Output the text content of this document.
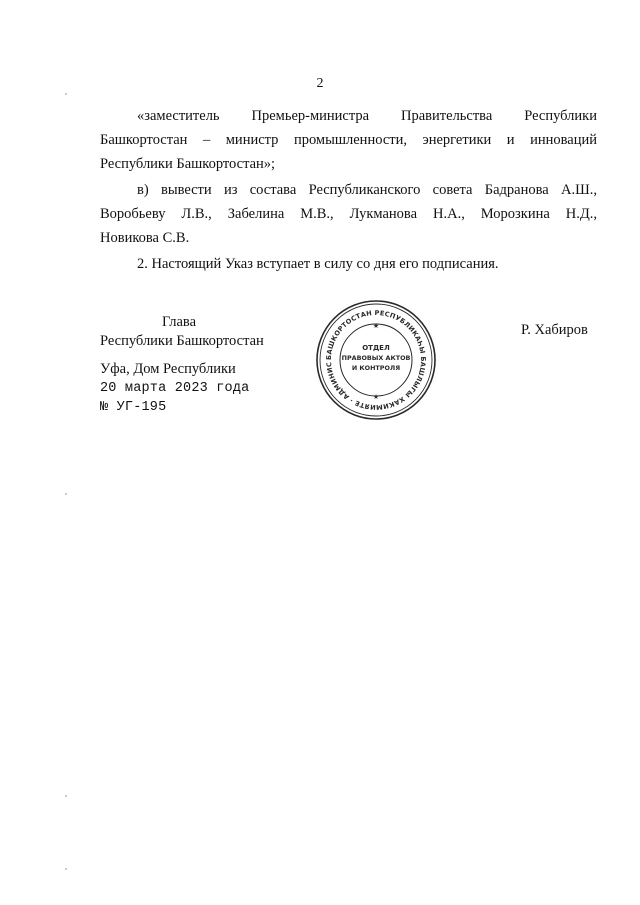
2
«заместитель Премьер-министра Правительства Республики
Башкортостан – министр промышленности, энергетики и инноваций
Республики Башкортостан»;
в) вывести из состава Республиканского совета Бадранова А.Ш.,
Воробьеву Л.В., Забелина М.В., Лукманова Н.А., Морозкина Н.Д.,
Новикова С.В.
2. Настоящий Указ вступает в силу со дня его подписания.
Глава
Республики Башкортостан
Р. Хабиров
Уфа, Дом Республики
20 марта 2023 года
№ УГ-195
БАШКОРТОСТАН РЕСПУБЛИКАҺЫ БАШЛЫГЫ ХАКИМИЯТЕ · АДМИНИС
ОТДЕЛ
ПРАВОВЫХ АКТОВ
И КОНТРОЛЯ
★
★
